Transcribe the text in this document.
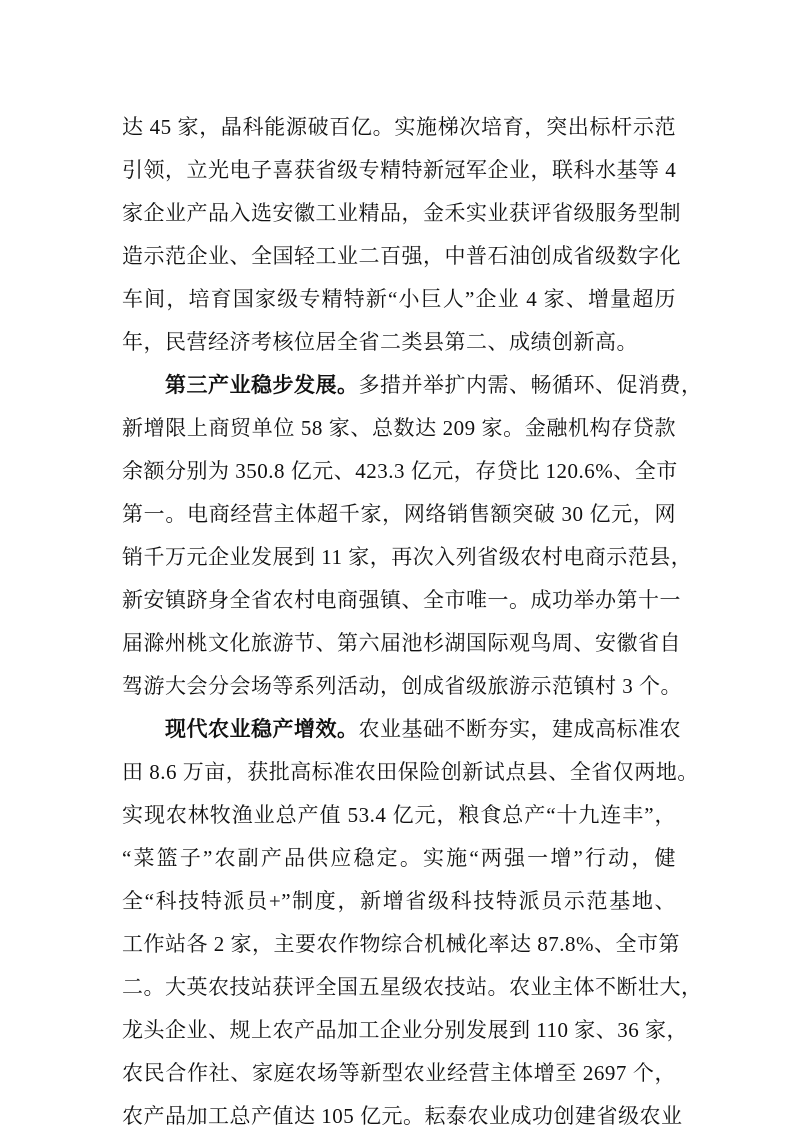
达 45 家，晶科能源破百亿。实施梯次培育，突出标杆示范
引领，立光电子喜获省级专精特新冠军企业，联科水基等 4
家企业产品入选安徽工业精品，金禾实业获评省级服务型制
造示范企业、全国轻工业二百强，中普石油创成省级数字化
车间，培育国家级专精特新“小巨人”企业 4 家、增量超历
年，民营经济考核位居全省二类县第二、成绩创新高。
第三产业稳步发展。多措并举扩内需、畅循环、促消费，
新增限上商贸单位 58 家、总数达 209 家。金融机构存贷款
余额分别为 350.8 亿元、423.3 亿元，存贷比 120.6%、全市
第一。电商经营主体超千家，网络销售额突破 30 亿元，网
销千万元企业发展到 11 家，再次入列省级农村电商示范县，
新安镇跻身全省农村电商强镇、全市唯一。成功举办第十一
届滁州桃文化旅游节、第六届池杉湖国际观鸟周、安徽省自
驾游大会分会场等系列活动，创成省级旅游示范镇村 3 个。
现代农业稳产增效。农业基础不断夯实，建成高标准农
田 8.6 万亩，获批高标准农田保险创新试点县、全省仅两地。
实现农林牧渔业总产值 53.4 亿元，粮食总产“十九连丰”，
“菜篮子”农副产品供应稳定。实施“两强一增”行动，健
全“科技特派员+”制度，新增省级科技特派员示范基地、
工作站各 2 家，主要农作物综合机械化率达 87.8%、全市第
二。大英农技站获评全国五星级农技站。农业主体不断壮大，
龙头企业、规上农产品加工企业分别发展到 110 家、36 家，
农民合作社、家庭农场等新型农业经营主体增至 2697 个，
农产品加工总产值达 105 亿元。耘泰农业成功创建省级农业
